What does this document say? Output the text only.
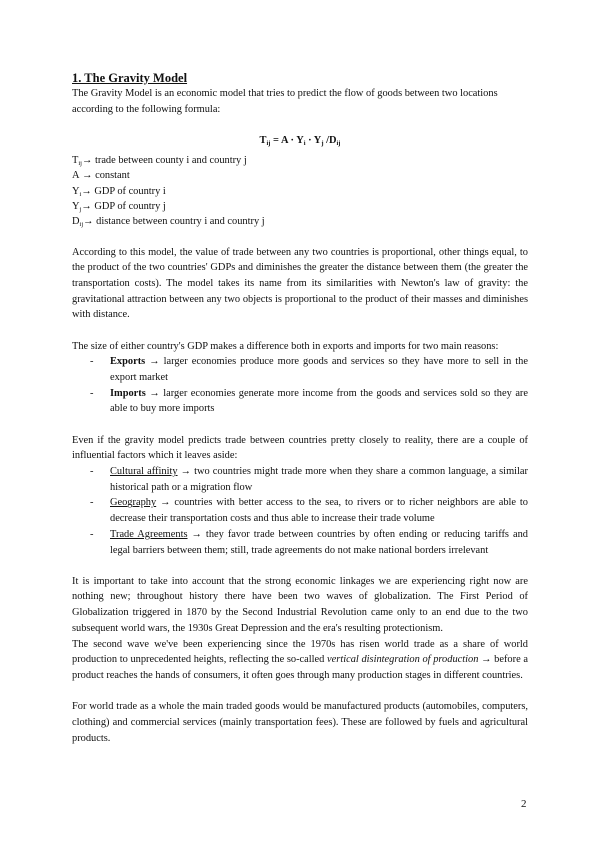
1. The Gravity Model

The Gravity Model is an economic model that tries to predict the flow of goods between two locations according to the following formula:

$T_{ij} = A \cdot Y_i \cdot Y_j$ $/D_{ij}$

$T_{ij}\to$ trade between county i and country j

A → constant

$Y_i\to$ GDP of country i

$Y_j\to$ GDP of country j

$D_{ij}\to$ distance between country i and country j

According to this model, the value of trade between any two countries is proportional, other things equal, to the product of the two countries' GDPs and diminishes the greater the distance between them (the greater the transportation costs). The model takes its name from its similarities with Newton's law of gravity: the gravitational attraction between any two objects is proportional to the product of their masses and diminishes with distance.

The size of either country's GDP makes a difference both in exports and imports for two main reasons:

- Exports → larger economies produce more goods and services so they have more to sell in the export market
- Imports → larger economies generate more income from the goods and services sold so they are able to buy more imports

Even if the gravity model predicts trade between countries pretty closely to reality, there are a couple of influential factors which it leaves aside:

- Cultural affinity → two countries might trade more when they share a common language, a similar historical path or a migration flow
- Geography → countries with better access to the sea, to rivers or to richer neighbors are able to decrease their transportation costs and thus able to increase their trade volume
- Trade Agreements → they favor trade between countries by often ending or reducing tariffs and legal barriers between them; still, trade agreements do not make national borders irrelevant

It is important to take into account that the strong economic linkages we are experiencing right now are nothing new; throughout history there have been two waves of globalization. The First Period of Globalization triggered in 1870 by the Second Industrial Revolution came only to an end due to the two subsequent world wars, the 1930s Great Depression and the era's resulting protectionism.

The second wave we've been experiencing since the 1970s has risen world trade as a share of world production to unprecedented heights, reflecting the so-called vertical disintegration of production → before a product reaches the hands of consumers, it often goes through many production stages in different countries.

For world trade as a whole the main traded goods would be manufactured products (automobiles, computers, clothing) and commercial services (mainly transportation fees). These are followed by fuels and agricultural products.

2
